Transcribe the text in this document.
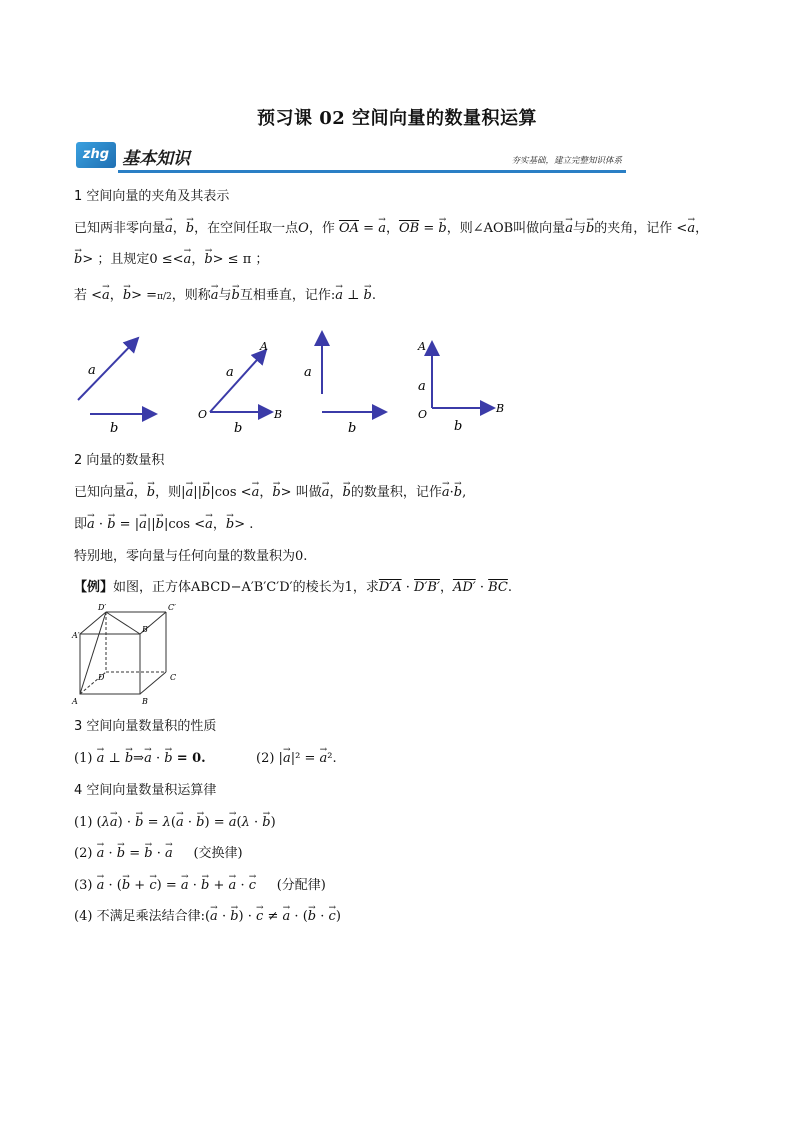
预习课 02 空间向量的数量积运算
zhg 基本知识	夯实基础，建立完整知识体系
1 空间向量的夹角及其表示
已知两非零向量→ a，→ b，在空间任取一点O，作 $\overline{OA}$ = → a，$\overline{OB}$ = → b，则∠AOB叫做向量→ a与→ b的夹角，记作 <→ a，
→ b> ；且规定0 ≤<→ a，→ b> ≤ π ；
若 <→ a，→ b> =π/2，则称→ a与→ b互相垂直，记作:→ a ⊥ → b.
a
b
A
B
O
a
b
a
b
A
B
O
a
b
2 向量的数量积
已知向量→ a，→ b，则|→ a||→ b|cos <→ a，→ b> 叫做→ a，→ b的数量积，记作→ a·→ b,
即→ a · → b = |→ a||→ b|cos <→ a，→ b> .
特别地，零向量与任何向量的数量积为0.
【例】如图，正方体ABCD−A′B′C′D′的棱长为1，求D′A · D′B′，$AD' \cdot \overline{BC}$.
D′	C′
A′
B′
D	C
A	B
3 空间向量数量积的性质
(1) → a ⊥ → b⇒→ a · → b = 0.	(2) |→ a|² = → a².
4 空间向量数量积运算律
(1) (λ→ a) · → b = λ(→ a · → b) = → a(λ · → b)
(2) → a · → b = → b · → a (交换律)
(3) → a · (→ b + → c) = → a · → b + → a · → c (分配律)
(4) 不满足乘法结合律:(→ a · → b) · → c ≠ → a · (→ b · → c)
